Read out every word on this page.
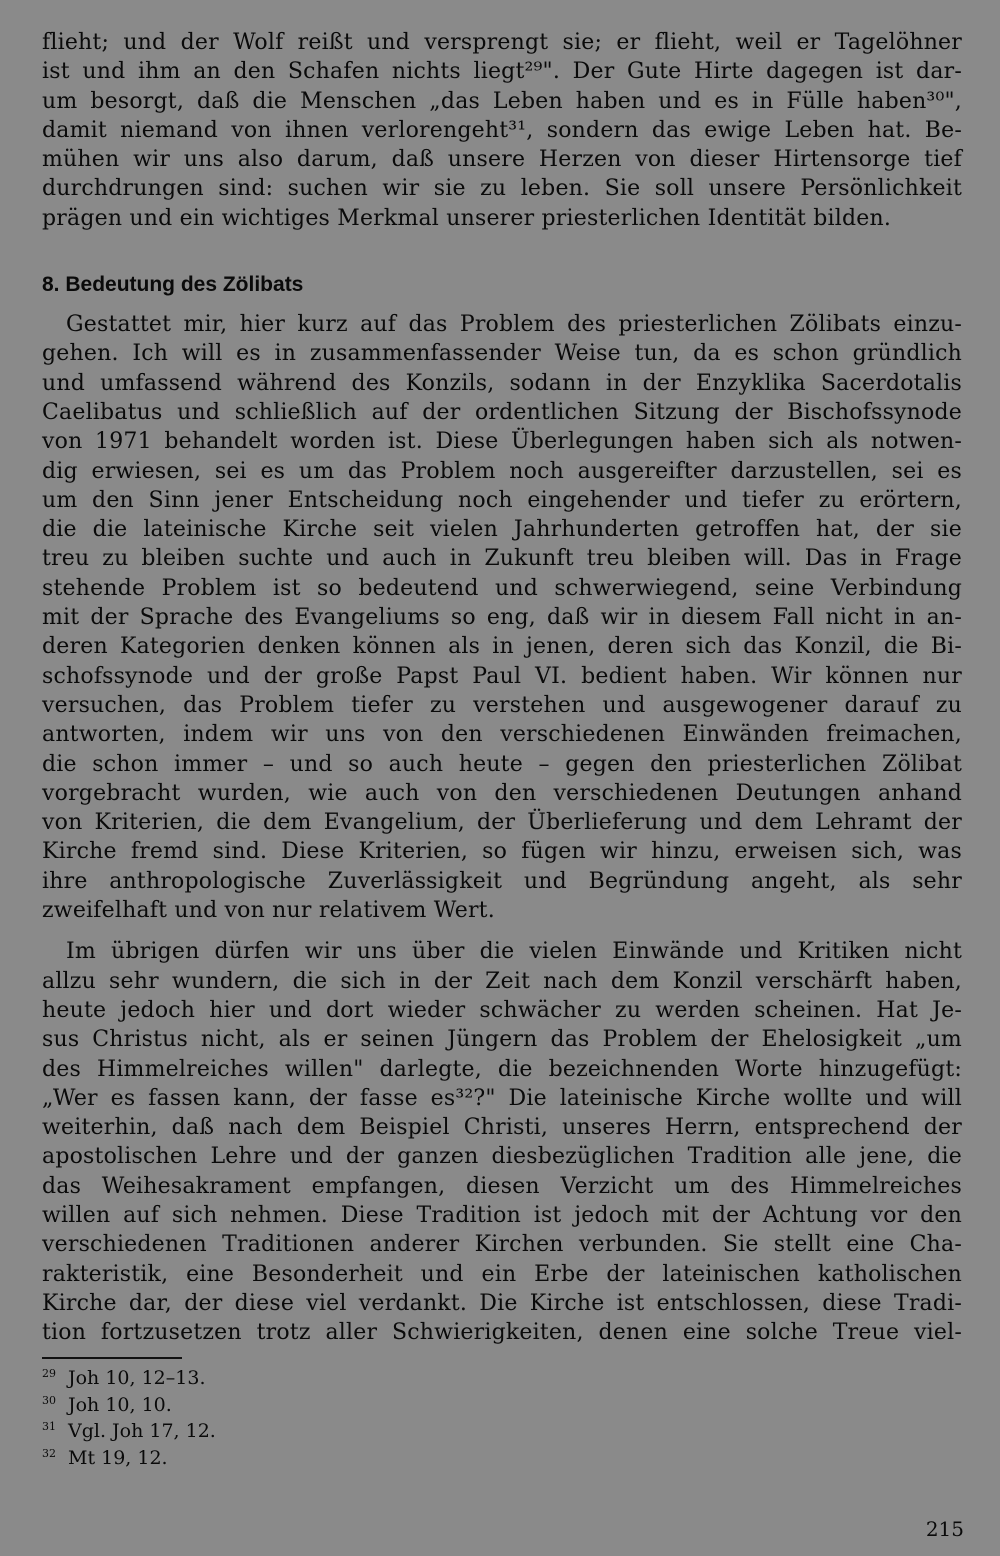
flieht; und der Wolf reißt und versprengt sie; er flieht, weil er Tagelöhner
ist und ihm an den Schafen nichts liegt²⁹". Der Gute Hirte dagegen ist dar-
um besorgt, daß die Menschen „das Leben haben und es in Fülle haben³⁰",
damit niemand von ihnen verlorengeht³¹, sondern das ewige Leben hat. Be-
mühen wir uns also darum, daß unsere Herzen von dieser Hirtensorge tief
durchdrungen sind: suchen wir sie zu leben. Sie soll unsere Persönlichkeit
prägen und ein wichtiges Merkmal unserer priesterlichen Identität bilden.
8. Bedeutung des Zölibats
Gestattet mir, hier kurz auf das Problem des priesterlichen Zölibats einzu-
gehen. Ich will es in zusammenfassender Weise tun, da es schon gründlich
und umfassend während des Konzils, sodann in der Enzyklika Sacerdotalis
Caelibatus und schließlich auf der ordentlichen Sitzung der Bischofssynode
von 1971 behandelt worden ist. Diese Überlegungen haben sich als notwen-
dig erwiesen, sei es um das Problem noch ausgereifter darzustellen, sei es
um den Sinn jener Entscheidung noch eingehender und tiefer zu erörtern,
die die lateinische Kirche seit vielen Jahrhunderten getroffen hat, der sie
treu zu bleiben suchte und auch in Zukunft treu bleiben will. Das in Frage
stehende Problem ist so bedeutend und schwerwiegend, seine Verbindung
mit der Sprache des Evangeliums so eng, daß wir in diesem Fall nicht in an-
deren Kategorien denken können als in jenen, deren sich das Konzil, die Bi-
schofssynode und der große Papst Paul VI. bedient haben. Wir können nur
versuchen, das Problem tiefer zu verstehen und ausgewogener darauf zu
antworten, indem wir uns von den verschiedenen Einwänden freimachen,
die schon immer – und so auch heute – gegen den priesterlichen Zölibat
vorgebracht wurden, wie auch von den verschiedenen Deutungen anhand
von Kriterien, die dem Evangelium, der Überlieferung und dem Lehramt der
Kirche fremd sind. Diese Kriterien, so fügen wir hinzu, erweisen sich, was
ihre anthropologische Zuverlässigkeit und Begründung angeht, als sehr
zweifelhaft und von nur relativem Wert.
Im übrigen dürfen wir uns über die vielen Einwände und Kritiken nicht
allzu sehr wundern, die sich in der Zeit nach dem Konzil verschärft haben,
heute jedoch hier und dort wieder schwächer zu werden scheinen. Hat Je-
sus Christus nicht, als er seinen Jüngern das Problem der Ehelosigkeit „um
des Himmelreiches willen" darlegte, die bezeichnenden Worte hinzugefügt:
„Wer es fassen kann, der fasse es³²?" Die lateinische Kirche wollte und will
weiterhin, daß nach dem Beispiel Christi, unseres Herrn, entsprechend der
apostolischen Lehre und der ganzen diesbezüglichen Tradition alle jene, die
das Weihesakrament empfangen, diesen Verzicht um des Himmelreiches
willen auf sich nehmen. Diese Tradition ist jedoch mit der Achtung vor den
verschiedenen Traditionen anderer Kirchen verbunden. Sie stellt eine Cha-
rakteristik, eine Besonderheit und ein Erbe der lateinischen katholischen
Kirche dar, der diese viel verdankt. Die Kirche ist entschlossen, diese Tradi-
tion fortzusetzen trotz aller Schwierigkeiten, denen eine solche Treue viel-
29 Joh 10, 12–13.
30 Joh 10, 10.
31 Vgl. Joh 17, 12.
32 Mt 19, 12.
215
